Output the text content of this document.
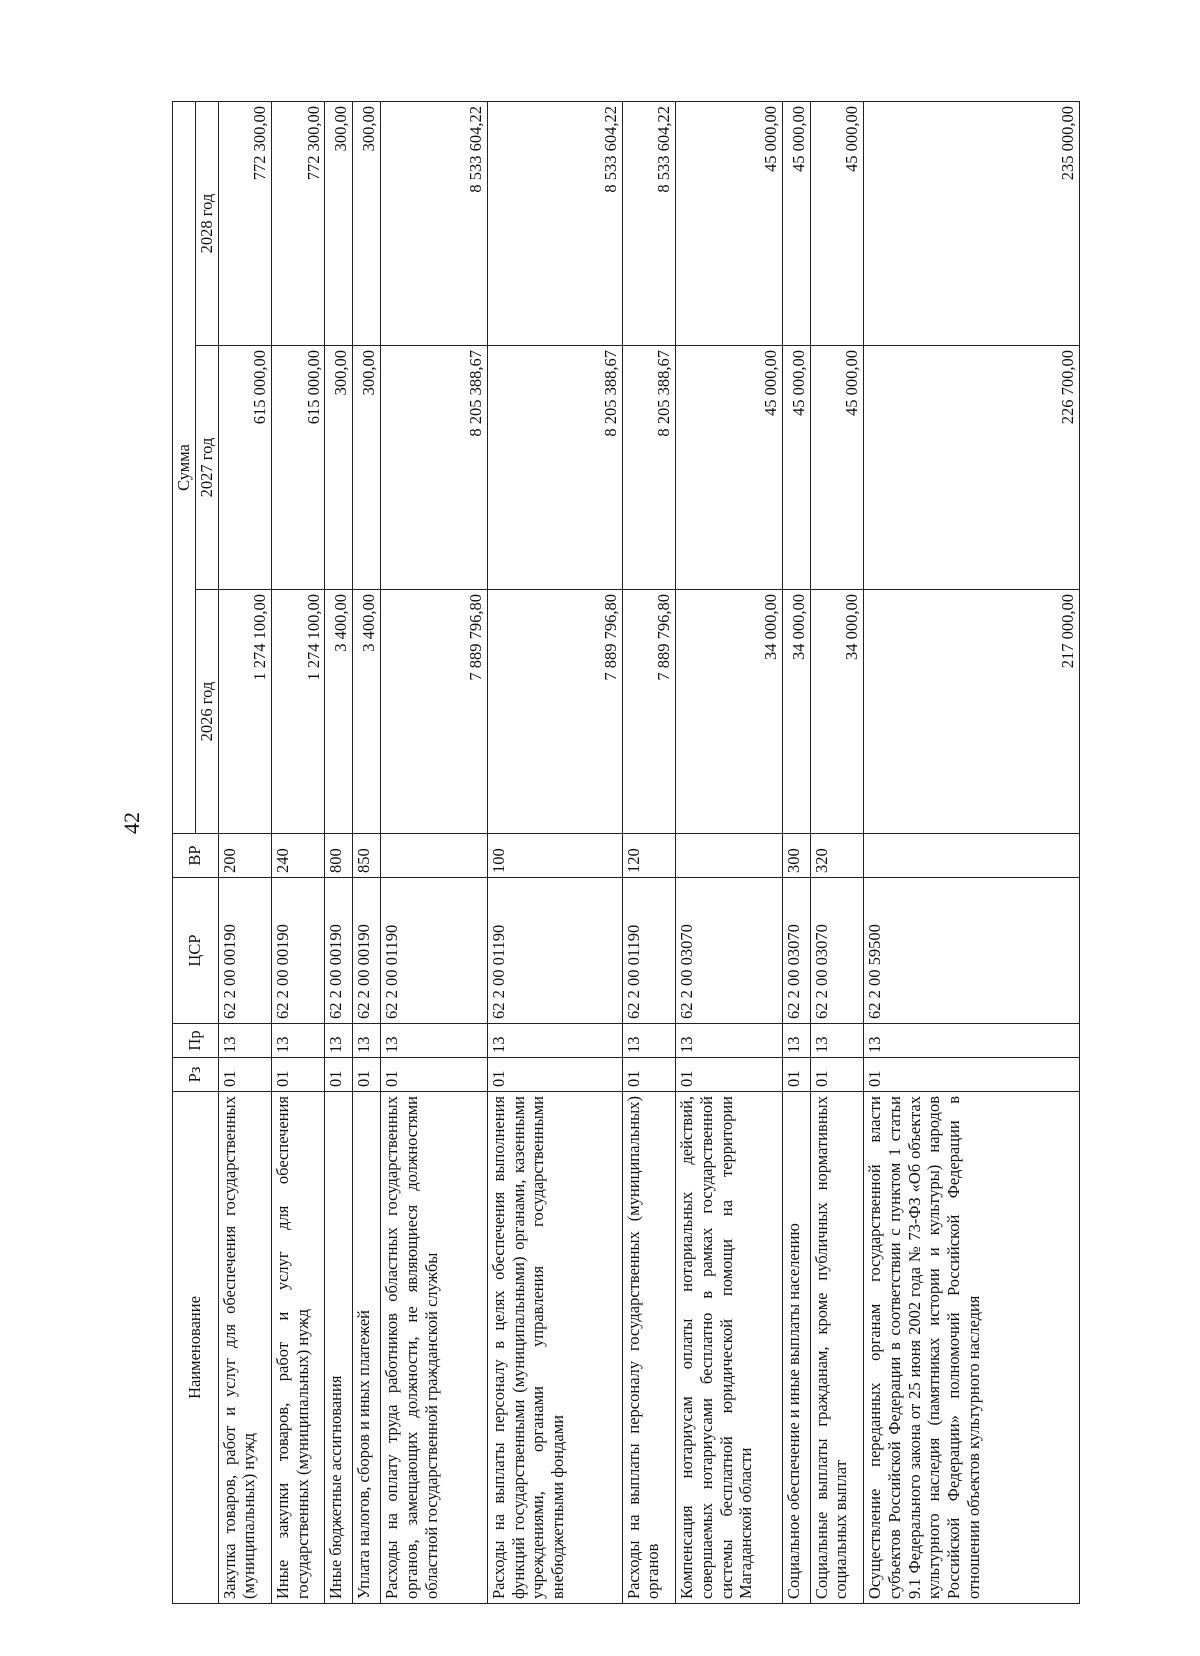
42
Наименование	Рз	Пр	ЦСР	ВР	Сумма		
					2026 год	2027 год	2028 год
Закупка товаров, работ и услуг для обеспечения государственных (муниципальных) нужд	01	13	62 2 00 00190	200	1 274 100,00	615 000,00	772 300,00
Иные закупки товаров, работ и услуг для обеспечения государственных (муниципальных) нужд	01	13	62 2 00 00190	240	1 274 100,00	615 000,00	772 300,00
Иные бюджетные ассигнования	01	13	62 2 00 00190	800	3 400,00	300,00	300,00
Уплата налогов, сборов и иных платежей	01	13	62 2 00 00190	850	3 400,00	300,00	300,00
Расходы на оплату труда работников областных государственных органов, замещающих должности, не являющиеся должностями областной государственной гражданской службы	01	13	62 2 00 01190		7 889 796,80	8 205 388,67	8 533 604,22
Расходы на выплаты персоналу в целях обеспечения выполнения функций государственными (муниципальными) органами, казенными учреждениями, органами управления государственными внебюджетными фондами	01	13	62 2 00 01190	100	7 889 796,80	8 205 388,67	8 533 604,22
Расходы на выплаты персоналу государственных (муниципальных) органов	01	13	62 2 00 01190	120	7 889 796,80	8 205 388,67	8 533 604,22
Компенсация нотариусам оплаты нотариальных действий, совершаемых нотариусами бесплатно в рамках государственной системы бесплатной юридической помощи на территории Магаданской области	01	13	62 2 00 03070		34 000,00	45 000,00	45 000,00
Социальное обеспечение и иные выплаты населению	01	13	62 2 00 03070	300	34 000,00	45 000,00	45 000,00
Социальные выплаты гражданам, кроме публичных нормативных социальных выплат	01	13	62 2 00 03070	320	34 000,00	45 000,00	45 000,00
Осуществление переданных органам государственной власти субъектов Российской Федерации в соответствии с пунктом 1 статьи 9.1 Федерального закона от 25 июня 2002 года № 73-ФЗ «Об объектах культурного наследия (памятниках истории и культуры) народов Российской Федерации» полномочий Российской Федерации в отношении объектов культурного наследия	01	13	62 2 00 59500		217 000,00	226 700,00	235 000,00
